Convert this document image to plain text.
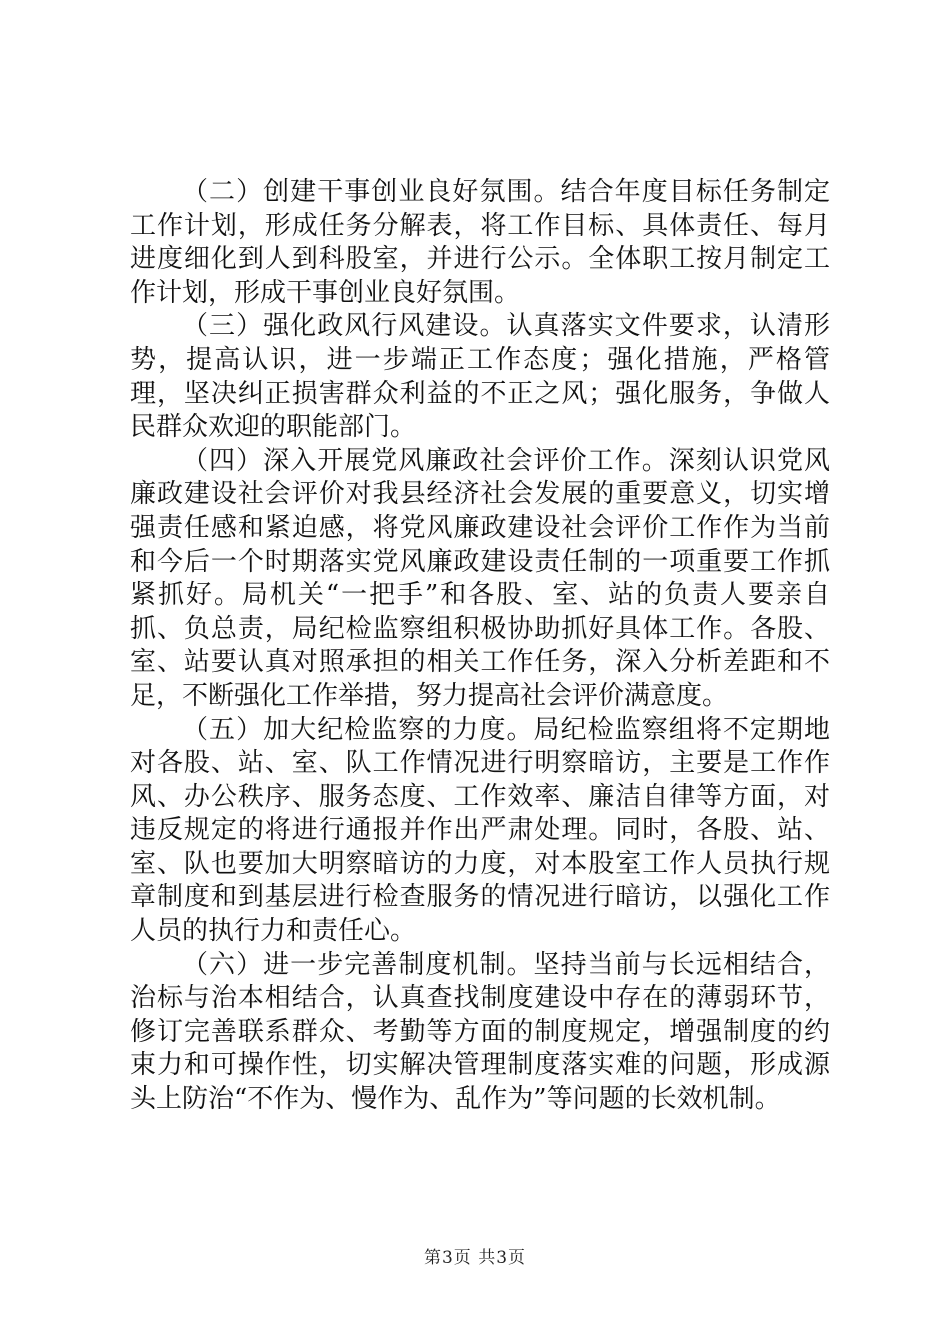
（二）创建干事创业良好氛围。结合年度目标任务制定工作计划，形成任务分解表，将工作目标、具体责任、每月进度细化到人到科股室，并进行公示。全体职工按月制定工作计划，形成干事创业良好氛围。

（三）强化政风行风建设。认真落实文件要求，认清形势，提高认识，进一步端正工作态度；强化措施，严格管理，坚决纠正损害群众利益的不正之风；强化服务，争做人民群众欢迎的职能部门。

（四）深入开展党风廉政社会评价工作。深刻认识党风廉政建设社会评价对我县经济社会发展的重要意义，切实增强责任感和紧迫感，将党风廉政建设社会评价工作作为当前和今后一个时期落实党风廉政建设责任制的一项重要工作抓紧抓好。局机关“一把手”和各股、室、站的负责人要亲自抓、负总责，局纪检监察组积极协助抓好具体工作。各股、室、站要认真对照承担的相关工作任务，深入分析差距和不足，不断强化工作举措，努力提高社会评价满意度。

（五）加大纪检监察的力度。局纪检监察组将不定期地对各股、站、室、队工作情况进行明察暗访，主要是工作作风、办公秩序、服务态度、工作效率、廉洁自律等方面，对违反规定的将进行通报并作出严肃处理。同时，各股、站、室、队也要加大明察暗访的力度，对本股室工作人员执行规章制度和到基层进行检查服务的情况进行暗访，以强化工作人员的执行力和责任心。

（六）进一步完善制度机制。坚持当前与长远相结合，治标与治本相结合，认真查找制度建设中存在的薄弱环节，修订完善联系群众、考勤等方面的制度规定，增强制度的约束力和可操作性，切实解决管理制度落实难的问题，形成源头上防治“不作为、慢作为、乱作为”等问题的长效机制。

第3页 共3页
